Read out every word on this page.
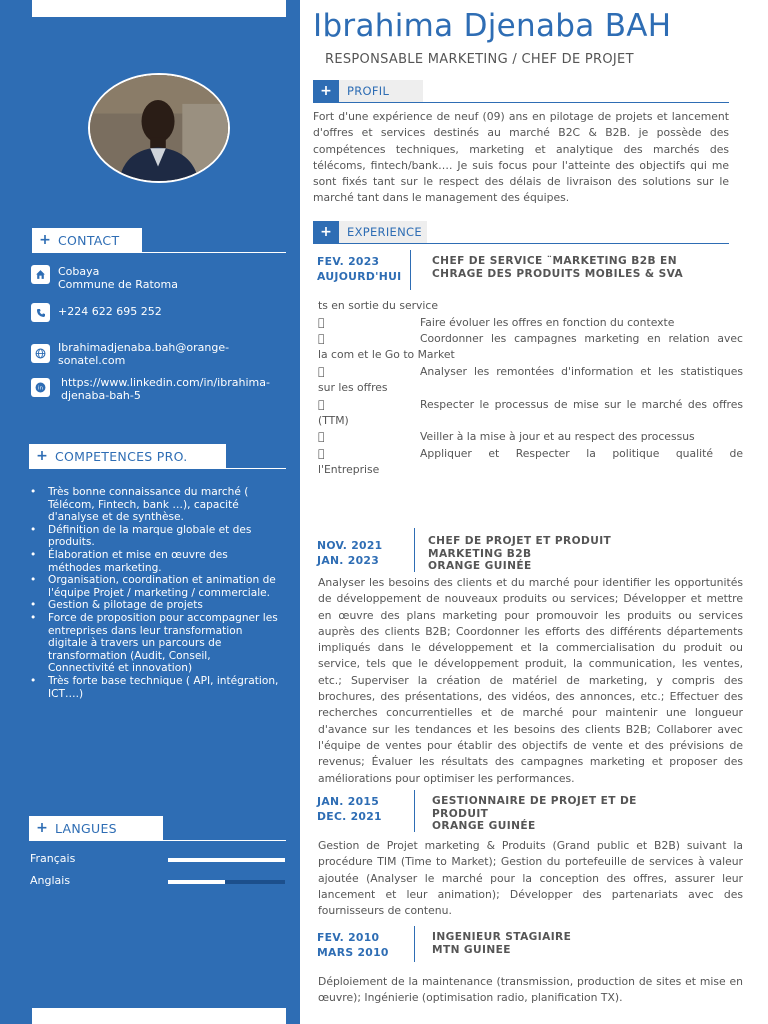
+ CONTACT
Cobaya
Commune de Ratoma
+224 622 695 252
Ibrahimadjenaba.bah@orange-
sonatel.com
in https://www.linkedin.com/in/ibrahima-
djenaba-bah-5
+ COMPETENCES PRO.
• Très bonne connaissance du marché ( Télécom, Fintech, bank …), capacité d'analyse et de synthèse.
• Définition de la marque globale et des produits.
• Élaboration et mise en œuvre des méthodes marketing.
• Organisation, coordination et animation de l'équipe Projet / marketing / commerciale.
• Gestion & pilotage de projets
• Force de proposition pour accompagner les entreprises dans leur transformation digitale à travers un parcours de transformation (Audit, Conseil, Connectivité et innovation)
• Très forte base technique ( API, intégration, ICT….)
+ LANGUES
Français
Anglais
Ibrahima Djenaba BAH
RESPONSABLE MARKETING / CHEF DE PROJET
+	PROFIL
Fort d'une expérience de neuf (09) ans en pilotage de projets et lancement d'offres et services destinés au marché B2C & B2B. je possède des compétences techniques, marketing et analytique des marchés des télécoms, fintech/bank…. Je suis focus pour l'atteinte des objectifs qui me sont fixés tant sur le respect des délais de livraison des solutions sur le marché tant dans le management des équipes.
+	EXPERIENCE
FEV. 2023
AUJOURD'HUI
CHEF DE SERVICE ¨MARKETING B2B EN
CHRAGE DES PRODUITS MOBILES & SVA
ts en sortie du service
Faire évoluer les offres en fonction du contexte
Coordonner les campagnes marketing en relation avec
la com et le Go to Market
Analyser les remontées d'information et les statistiques
sur les offres
Respecter le processus de mise sur le marché des offres
(TTM)
Veiller à la mise à jour et au respect des processus
Appliquer et Respecter la politique qualité de
l'Entreprise
NOV. 2021
JAN. 2023
CHEF DE PROJET ET PRODUIT
MARKETING B2B
ORANGE GUINÉE
Analyser les besoins des clients et du marché pour identifier les opportunités de développement de nouveaux produits ou services; Développer et mettre en œuvre des plans marketing pour promouvoir les produits ou services auprès des clients B2B; Coordonner les efforts des différents départements impliqués dans le développement et la commercialisation du produit ou service, tels que le développement produit, la communication, les ventes, etc.; Superviser la création de matériel de marketing, y compris des brochures, des présentations, des vidéos, des annonces, etc.; Effectuer des recherches concurrentielles et de marché pour maintenir une longueur d'avance sur les tendances et les besoins des clients B2B; Collaborer avec l'équipe de ventes pour établir des objectifs de vente et des prévisions de revenus; Évaluer les résultats des campagnes marketing et proposer des améliorations pour optimiser les performances.
JAN. 2015
DEC. 2021
GESTIONNAIRE DE PROJET ET DE
PRODUIT
ORANGE GUINÉE
Gestion de Projet marketing & Produits (Grand public et B2B) suivant la procédure TIM (Time to Market); Gestion du portefeuille de services à valeur ajoutée (Analyser le marché pour la conception des offres, assurer leur lancement et leur animation); Développer des partenariats avec des fournisseurs de contenu.
FEV. 2010
MARS 2010
INGENIEUR STAGIAIRE
MTN GUINEE
Déploiement de la maintenance (transmission, production de sites et mise en œuvre); Ingénierie (optimisation radio, planification TX).
